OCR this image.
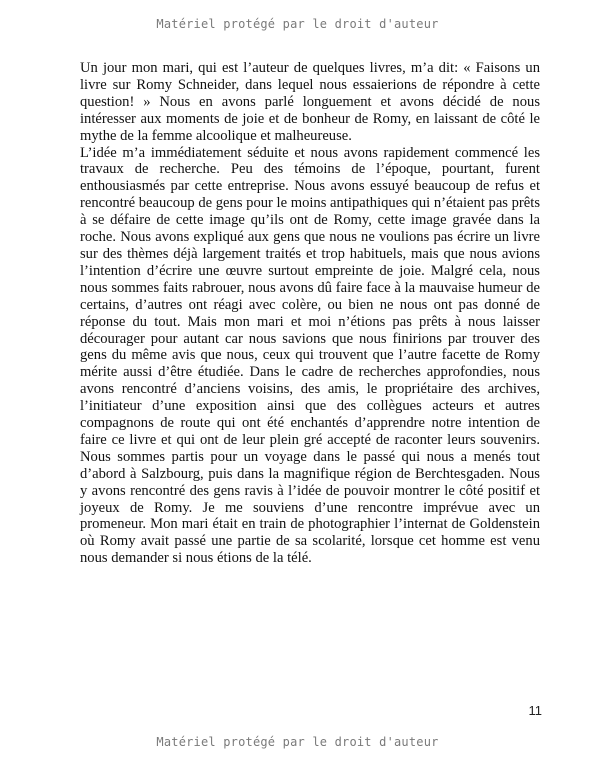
Matériel protégé par le droit d'auteur

Un jour mon mari, qui est l’auteur de quelques livres, m’a dit: « Faisons un livre sur Romy Schneider, dans lequel nous essaierions de répondre à cette question! » Nous en avons parlé longuement et avons décidé de nous intéresser aux moments de joie et de bonheur de Romy, en laissant de côté le mythe de la femme alcoolique et malheureuse.

L’idée m’a immédiatement séduite et nous avons rapidement commencé les travaux de recherche. Peu des témoins de l’époque, pourtant, furent enthousiasmés par cette entreprise. Nous avons essuyé beaucoup de refus et rencontré beaucoup de gens pour le moins antipathiques qui n’étaient pas prêts à se défaire de cette image qu’ils ont de Romy, cette image gravée dans la roche. Nous avons expliqué aux gens que nous ne voulions pas écrire un livre sur des thèmes déjà largement traités et trop habituels, mais que nous avions l’intention d’écrire une œuvre surtout empreinte de joie. Malgré cela, nous nous sommes faits rabrouer, nous avons dû faire face à la mauvaise humeur de certains, d’autres ont réagi avec colère, ou bien ne nous ont pas donné de réponse du tout. Mais mon mari et moi n’étions pas prêts à nous laisser décourager pour autant car nous savions que nous finirions par trouver des gens du même avis que nous, ceux qui trouvent que l’autre facette de Romy mérite aussi d’être étudiée. Dans le cadre de recherches approfondies, nous avons rencontré d’anciens voisins, des amis, le propriétaire des archives, l’initiateur d’une exposition ainsi que des collègues acteurs et autres compagnons de route qui ont été enchantés d’apprendre notre intention de faire ce livre et qui ont de leur plein gré accepté de raconter leurs souvenirs. Nous sommes partis pour un voyage dans le passé qui nous a menés tout d’abord à Salzbourg, puis dans la magnifique région de Berchtesgaden. Nous y avons rencontré des gens ravis à l’idée de pouvoir montrer le côté positif et joyeux de Romy. Je me souviens d’une rencontre imprévue avec un promeneur. Mon mari était en train de photographier l’internat de Goldenstein où Romy avait passé une partie de sa scolarité, lorsque cet homme est venu nous demander si nous étions de la télé.

11
Matériel protégé par le droit d'auteur
